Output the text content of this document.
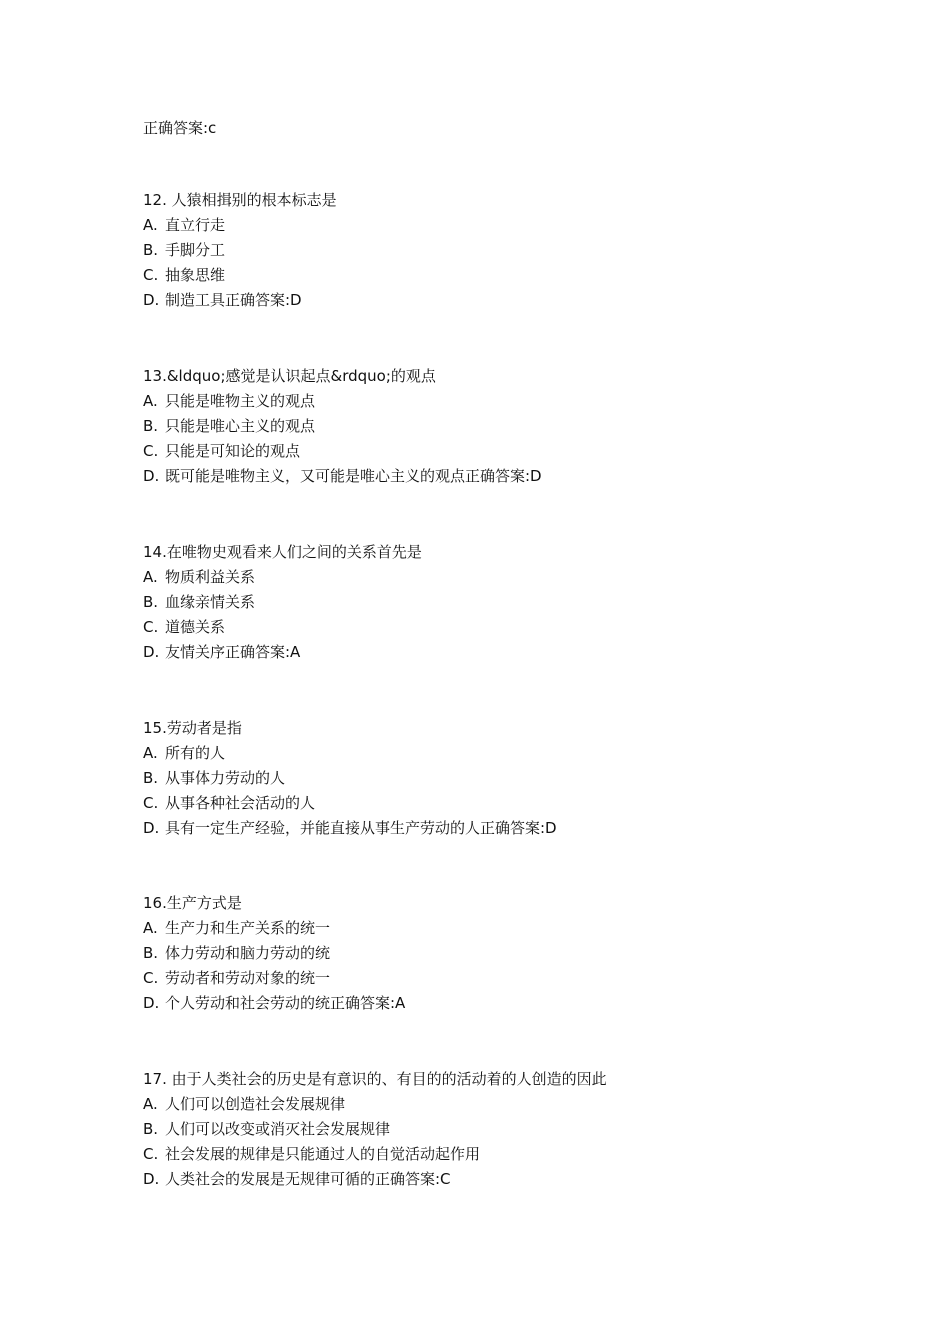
正确答案:c
12. 人猿相揖别的根本标志是
A. 直立行走
B. 手脚分工
C. 抽象思维
D. 制造工具正确答案:D
13.&ldquo;感觉是认识起点&rdquo;的观点
A. 只能是唯物主义的观点
B. 只能是唯心主义的观点
C. 只能是可知论的观点
D. 既可能是唯物主义，又可能是唯心主义的观点正确答案:D
14.在唯物史观看来人们之间的关系首先是
A. 物质利益关系
B. 血缘亲情关系
C. 道德关系
D. 友情关序正确答案:A
15.劳动者是指
A. 所有的人
B. 从事体力劳动的人
C. 从事各种社会活动的人
D. 具有一定生产经验，并能直接从事生产劳动的人正确答案:D
16.生产方式是
A. 生产力和生产关系的统一
B. 体力劳动和脑力劳动的统
C. 劳动者和劳动对象的统一
D. 个人劳动和社会劳动的统正确答案:A
17. 由于人类社会的历史是有意识的、有目的的活动着的人创造的因此
A. 人们可以创造社会发展规律
B. 人们可以改变或消灭社会发展规律
C. 社会发展的规律是只能通过人的自觉活动起作用
D. 人类社会的发展是无规律可循的正确答案:C
